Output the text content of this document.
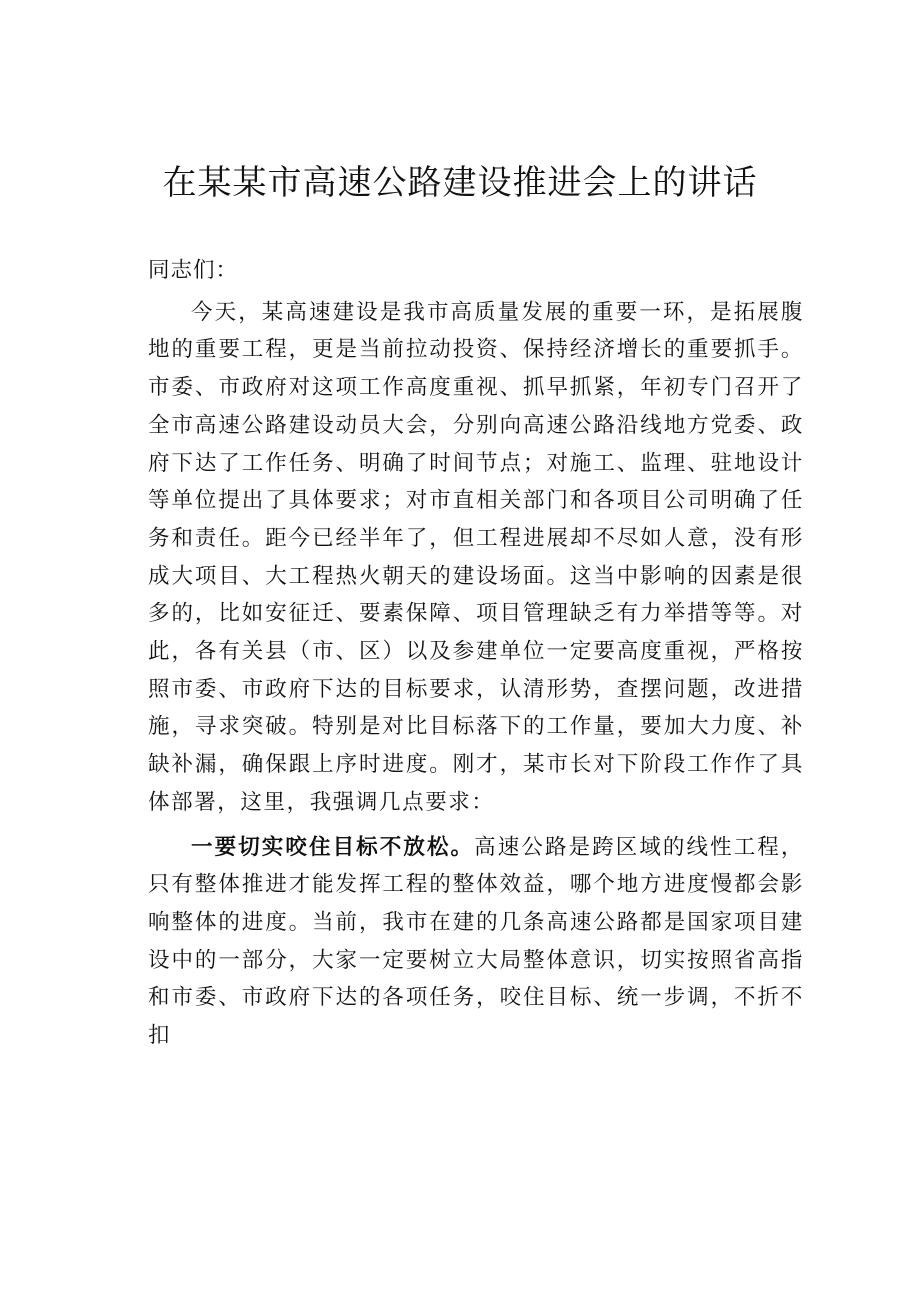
在某某市高速公路建设推进会上的讲话

同志们：

今天，某高速建设是我市高质量发展的重要一环，是拓展腹地的重要工程，更是当前拉动投资、保持经济增长的重要抓手。市委、市政府对这项工作高度重视、抓早抓紧，年初专门召开了全市高速公路建设动员大会，分别向高速公路沿线地方党委、政府下达了工作任务、明确了时间节点；对施工、监理、驻地设计等单位提出了具体要求；对市直相关部门和各项目公司明确了任务和责任。距今已经半年了，但工程进展却不尽如人意，没有形成大项目、大工程热火朝天的建设场面。这当中影响的因素是很多的，比如安征迁、要素保障、项目管理缺乏有力举措等等。对此，各有关县（市、区）以及参建单位一定要高度重视，严格按照市委、市政府下达的目标要求，认清形势，查摆问题，改进措施，寻求突破。特别是对比目标落下的工作量，要加大力度、补缺补漏，确保跟上序时进度。刚才，某市长对下阶段工作作了具体部署，这里，我强调几点要求：

一要切实咬住目标不放松。高速公路是跨区域的线性工程，只有整体推进才能发挥工程的整体效益，哪个地方进度慢都会影响整体的进度。当前，我市在建的几条高速公路都是国家项目建设中的一部分，大家一定要树立大局整体意识，切实按照省高指和市委、市政府下达的各项任务，咬住目标、统一步调，不折不扣
